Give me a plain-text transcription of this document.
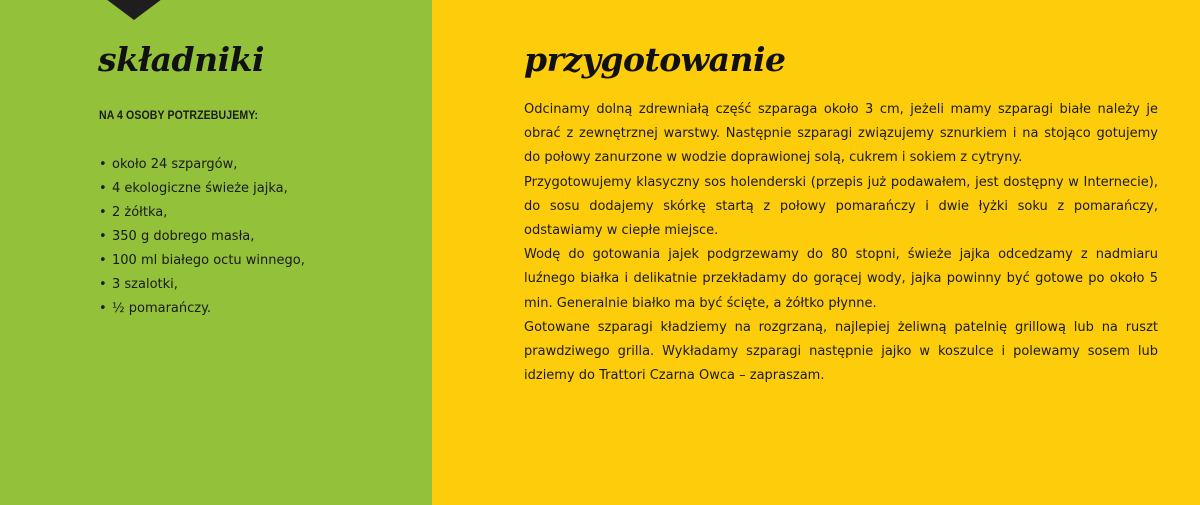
składniki
NA 4 OSOBY POTRZEBUJEMY:
• około 24 szpargów,
• 4 ekologiczne świeże jajka,
• 2 żółtka,
• 350 g dobrego masła,
• 100 ml białego octu winnego,
• 3 szalotki,
• ½ pomarańczy.
przygotowanie

Odcinamy dolną zdrewniałą część szparaga około 3 cm, jeżeli mamy szparagi białe należy je obrać z zewnętrznej warstwy. Następnie szparagi związujemy sznurkiem i na stojąco gotujemy do połowy zanurzone w wodzie doprawionej solą, cukrem i sokiem z cytryny.

Przygotowujemy klasyczny sos holenderski (przepis już podawałem, jest dostępny w Internecie), do sosu dodajemy skórkę startą z połowy pomarańczy i dwie łyżki soku z pomarańczy, odstawiamy w ciepłe miejsce.

Wodę do gotowania jajek podgrzewamy do 80 stopni, świeże jajka odcedzamy z nadmiaru luźnego białka i delikatnie przekładamy do gorącej wody, jajka powinny być gotowe po około 5 min. Generalnie białko ma być ścięte, a żółtko płynne.

Gotowane szparagi kładziemy na rozgrzaną, najlepiej żeliwną patelnię grillową lub na ruszt prawdziwego grilla. Wykładamy szparagi następnie jajko w koszulce i polewamy sosem lub idziemy do Trattori Czarna Owca – zapraszam.
